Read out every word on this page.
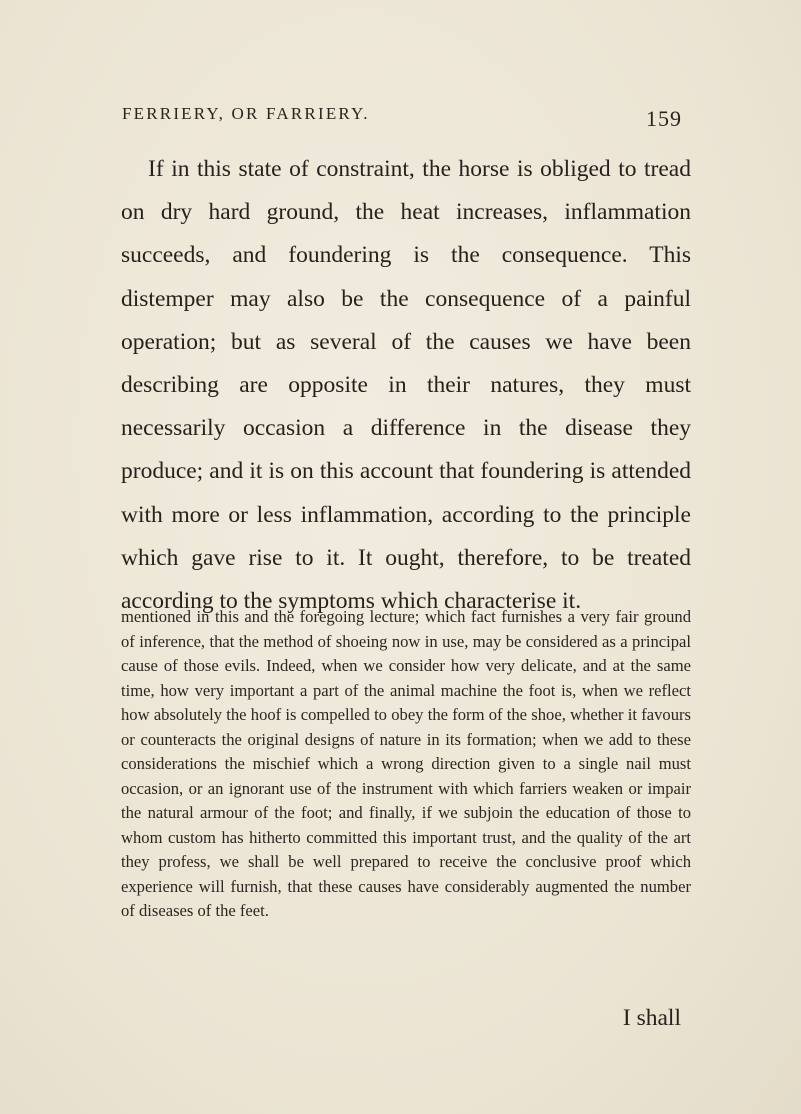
FERRIERY, OR FARRIERY.	159

If in this state of constraint, the horse is obliged to tread on dry hard ground, the heat increases, inflammation succeeds, and foundering is the consequence. This distemper may also be the consequence of a painful operation; but as several of the causes we have been describing are opposite in their natures, they must necessarily occasion a difference in the disease they produce; and it is on this account that foundering is attended with more or less inflammation, according to the principle which gave rise to it. It ought, therefore, to be treated according to the symptoms which characterise it.

mentioned in this and the foregoing lecture; which fact furnishes a very fair ground of inference, that the method of shoeing now in use, may be considered as a principal cause of those evils. Indeed, when we consider how very delicate, and at the same time, how very important a part of the animal machine the foot is, when we reflect how absolutely the hoof is compelled to obey the form of the shoe, whether it favours or counteracts the original designs of nature in its formation; when we add to these considerations the mischief which a wrong direction given to a single nail must occasion, or an ignorant use of the instrument with which farriers weaken or impair the natural armour of the foot; and finally, if we subjoin the education of those to whom custom has hitherto committed this important trust, and the quality of the art they profess, we shall be well prepared to receive the conclusive proof which experience will furnish, that these causes have considerably augmented the number of diseases of the feet.

I shall
